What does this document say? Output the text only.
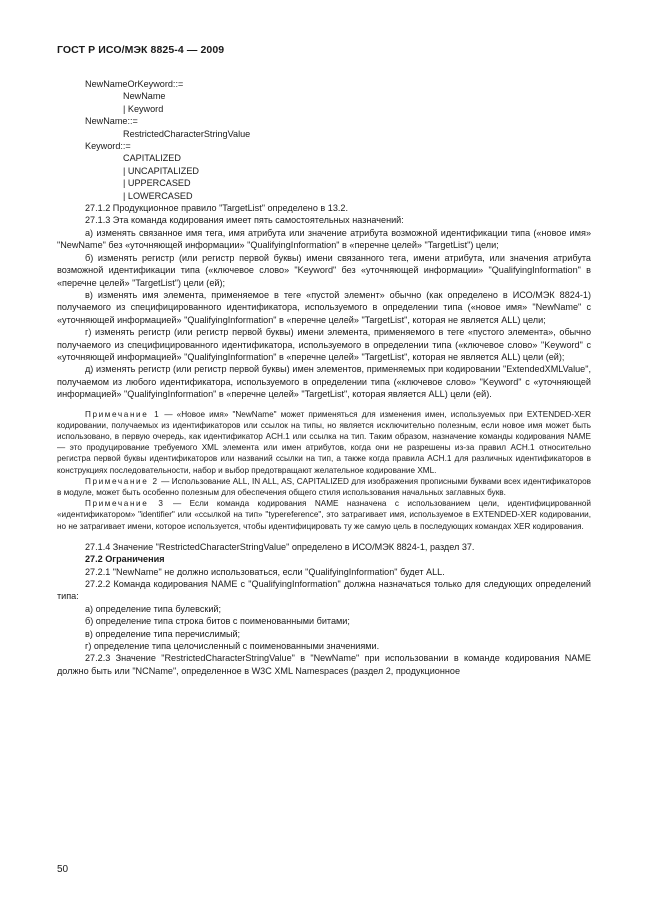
ГОСТ Р ИСО/МЭК 8825-4 — 2009
NewNameOrKeyword::=
NewName
| Keyword
NewName::=
RestrictedCharacterStringValue
Keyword::=
CAPITALIZED
| UNCAPITALIZED
| UPPERCASED
| LOWERCASED

27.1.2 Продукционное правило "TargetList" определено в 13.2.

27.1.3 Эта команда кодирования имеет пять самостоятельных назначений:

а) изменять связанное имя тега, имя атрибута или значение атрибута возможной идентификации типа («новое имя» "NewName" без «уточняющей информации» "QualifyingInformation" в «перечне целей» "TargetList") цели;

б) изменять регистр (или регистр первой буквы) имени связанного тега, имени атрибута, или значения атрибута возможной идентификации типа («ключевое слово» "Keyword" без «уточняющей информации» "QualifyingInformation" в «перечне целей» "TargetList") цели (ей);

в) изменять имя элемента, применяемое в теге «пустой элемент» обычно (как определено в ИСО/МЭК 8824-1) получаемого из специфицированного идентификатора, используемого в определении типа («новое имя» "NewName" с «уточняющей информацией» "QualifyingInformation" в «перечне целей» "TargetList", которая не является ALL) цели;

г) изменять регистр (или регистр первой буквы) имени элемента, применяемого в теге «пустого элемента», обычно получаемого из специфицированного идентификатора, используемого в определении типа («ключевое слово» "Keyword" с «уточняющей информацией» "QualifyingInformation" в «перечне целей» "TargetList", которая не является ALL) цели (ей);

д) изменять регистр (или регистр первой буквы) имен элементов, применяемых при кодировании "ExtendedXMLValue", получаемом из любого идентификатора, используемого в определении типа («ключевое слово» "Keyword" с «уточняющей информацией» "QualifyingInformation" в «перечне целей» "TargetList", которая является ALL) цели (ей).

Примечание 1 — «Новое имя» "NewName" может применяться для изменения имен, используемых при EXTENDED-XER кодировании, получаемых из идентификаторов или ссылок на типы, но является исключительно полезным, если новое имя может быть использовано, в первую очередь, как идентификатор ACH.1 или ссылка на тип. Таким образом, назначение команды кодирования NAME — это продуцирование требуемого XML элемента или имен атрибутов, когда они не разрешены из-за правил ACH.1 относительно регистра первой буквы идентификаторов или названий ссылки на тип, а также когда правила ACH.1 для различных идентификаторов в конструкциях последовательности, набор и выбор предотвращают желательное кодирование XML.

Примечание 2 — Использование ALL, IN ALL, AS, CAPITALIZED для изображения прописными буквами всех идентификаторов в модуле, может быть особенно полезным для обеспечения общего стиля использования начальных заглавных букв.

Примечание 3 — Если команда кодирования NAME назначена с использованием цели, идентифицированной «идентификатором» "identifier" или «ссылкой на тип» "typereference", это затрагивает имя, используемое в EXTENDED-XER кодировании, но не затрагивает имени, которое используется, чтобы идентифицировать ту же самую цель в последующих командах XER кодирования.

27.1.4 Значение "RestrictedCharacterStringValue" определено в ИСО/МЭК 8824-1, раздел 37.

27.2 Ограничения

27.2.1 "NewName" не должно использоваться, если "QualifyingInformation" будет ALL.

27.2.2 Команда кодирования NAME с "QualifyingInformation" должна назначаться только для следующих определений типа:

а) определение типа булевский;

б) определение типа строка битов с поименованными битами;

в) определение типа перечислимый;

г) определение типа целочисленный с поименованными значениями.

27.2.3 Значение "RestrictedCharacterStringValue" в "NewName" при использовании в команде кодирования NAME должно быть или "NCName", определенное в W3C XML Namespaces (раздел 2, продукционное

50
